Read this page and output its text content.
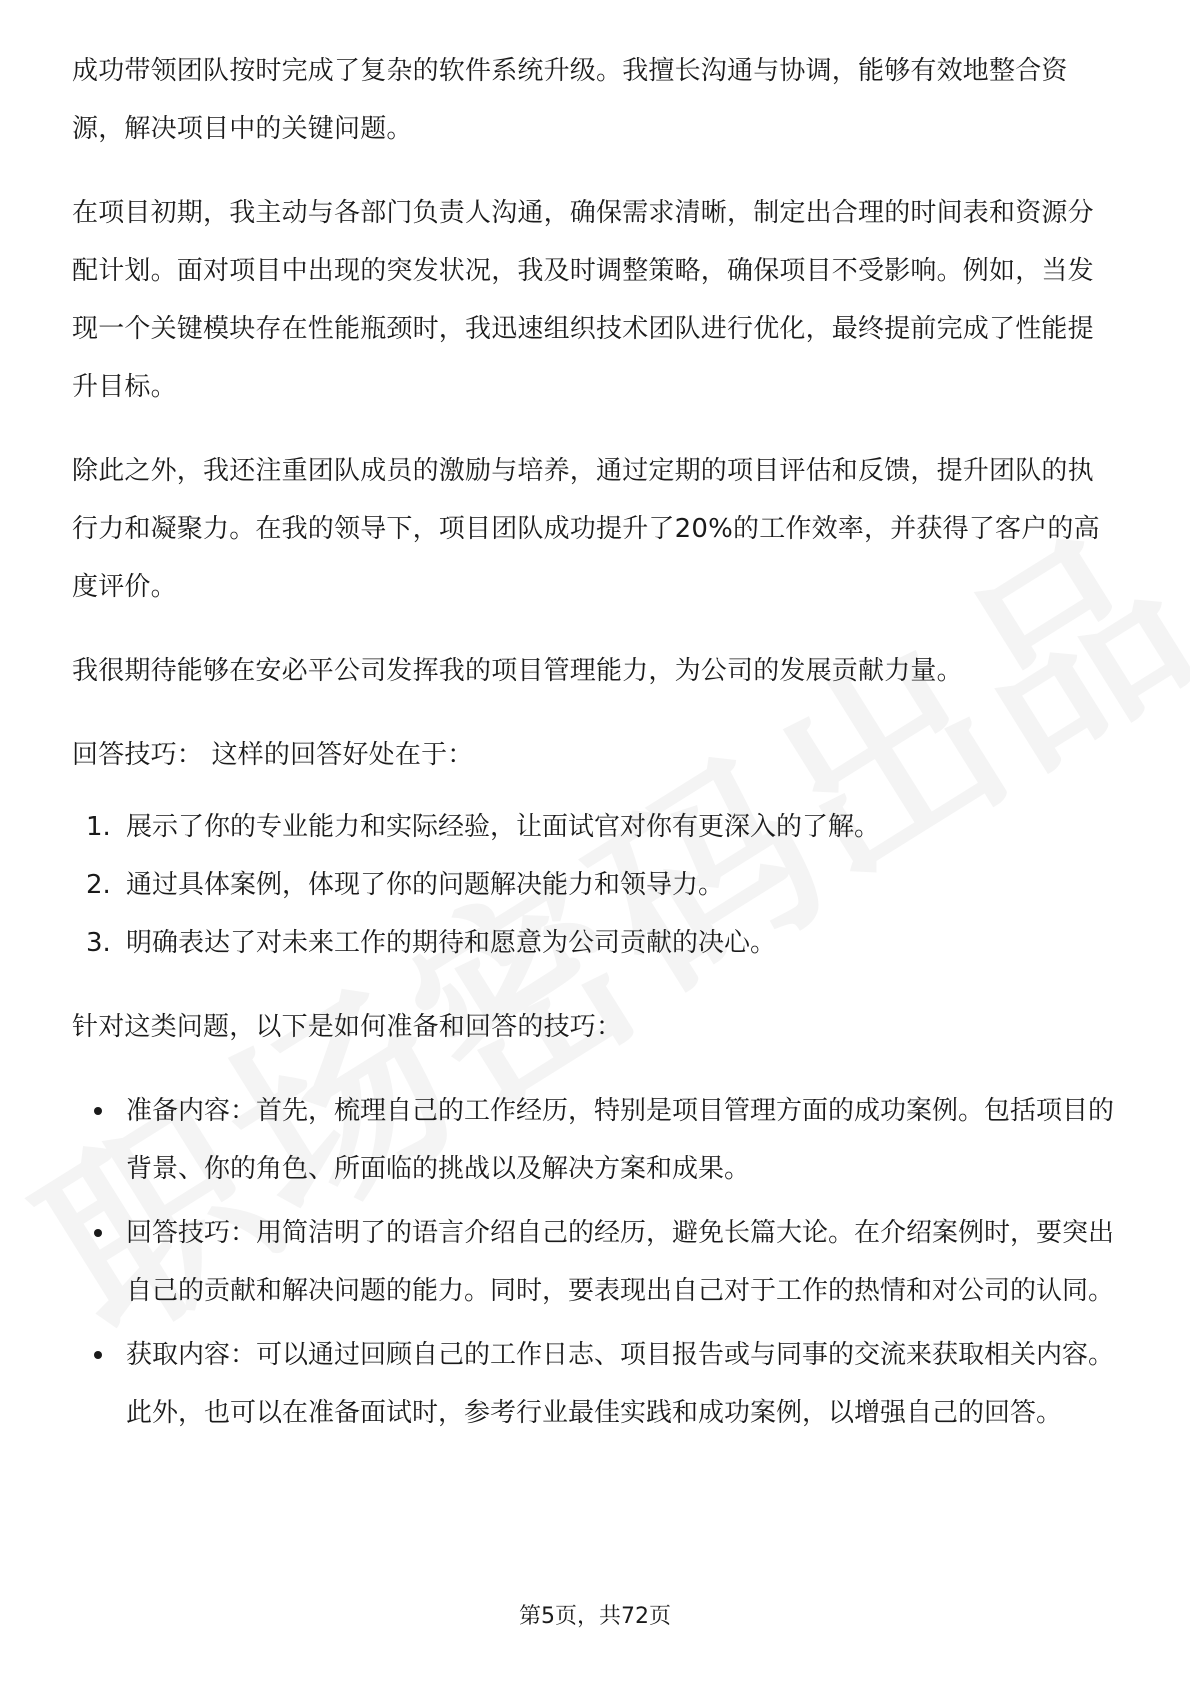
成功带领团队按时完成了复杂的软件系统升级。我擅长沟通与协调，能够有效地整合资源，解决项目中的关键问题。

在项目初期，我主动与各部门负责人沟通，确保需求清晰，制定出合理的时间表和资源分配计划。面对项目中出现的突发状况，我及时调整策略，确保项目不受影响。例如，当发现一个关键模块存在性能瓶颈时，我迅速组织技术团队进行优化，最终提前完成了性能提升目标。

除此之外，我还注重团队成员的激励与培养，通过定期的项目评估和反馈，提升团队的执行力和凝聚力。在我的领导下，项目团队成功提升了20%的工作效率，并获得了客户的高度评价。

我很期待能够在安必平公司发挥我的项目管理能力，为公司的发展贡献力量。

回答技巧： 这样的回答好处在于：

1. 展示了你的专业能力和实际经验，让面试官对你有更深入的了解。
2. 通过具体案例，体现了你的问题解决能力和领导力。
3. 明确表达了对未来工作的期待和愿意为公司贡献的决心。

针对这类问题，以下是如何准备和回答的技巧：

准备内容：首先，梳理自己的工作经历，特别是项目管理方面的成功案例。包括项目的背景、你的角色、所面临的挑战以及解决方案和成果。
回答技巧：用简洁明了的语言介绍自己的经历，避免长篇大论。在介绍案例时，要突出自己的贡献和解决问题的能力。同时，要表现出自己对于工作的热情和对公司的认同。
获取内容：可以通过回顾自己的工作日志、项目报告或与同事的交流来获取相关内容。此外，也可以在准备面试时，参考行业最佳实践和成功案例，以增强自己的回答。
第5页，共72页
